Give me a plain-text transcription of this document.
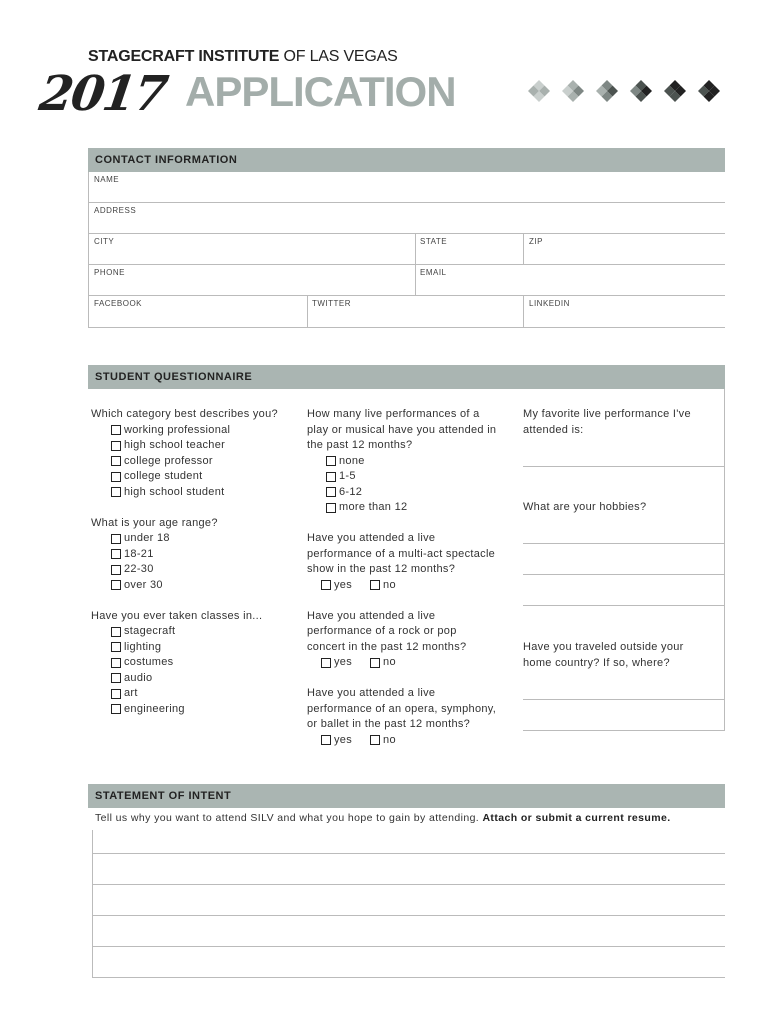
STAGECRAFT INSTITUTE OF LAS VEGAS
2017 APPLICATION
CONTACT INFORMATION
NAME
ADDRESS
CITY	STATE	ZIP
PHONE	EMAIL
FACEBOOK	TWITTER	LINKEDIN
STUDENT QUESTIONNAIRE
Which category best describes you?
working professional
high school teacher
college professor
college student
high school student
What is your age range?
under 18
18-21
22-30
over 30
Have you ever taken classes in...
stagecraft
lighting
costumes
audio
art
engineering
How many live performances of a
play or musical have you attended in
the past 12 months?
none
1-5
6-12
more than 12
Have you attended a live
performance of a multi-act spectacle
show in the past 12 months?
yes	no
Have you attended a live
performance of a rock or pop
concert in the past 12 months?
yes	no
Have you attended a live
performance of an opera, symphony,
or ballet in the past 12 months?
yes	no
My favorite live performance I've
attended is:
What are your hobbies?
Have you traveled outside your
home country? If so, where?
STATEMENT OF INTENT
Tell us why you want to attend SILV and what you hope to gain by attending. Attach or submit a current resume.
